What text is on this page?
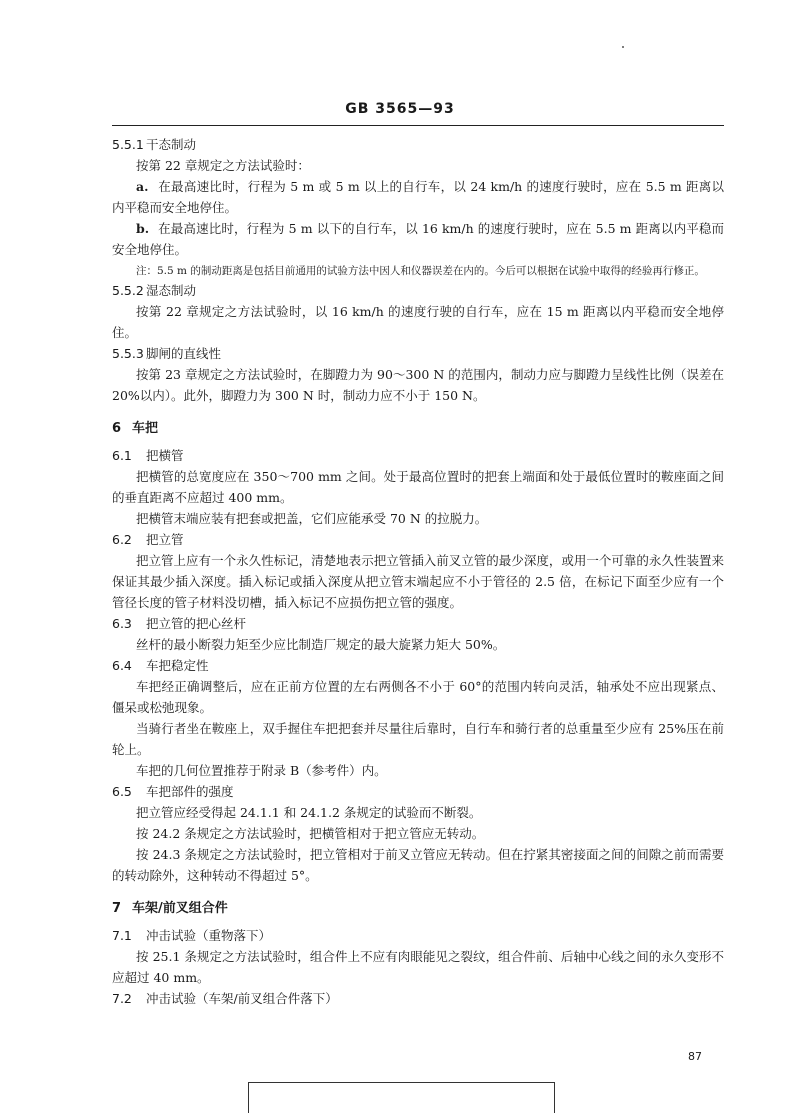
GB 3565—93
5.5.1 干态制动
按第 22 章规定之方法试验时：
a. 在最高速比时，行程为 5 m 或 5 m 以上的自行车，以 24 km/h 的速度行驶时，应在 5.5 m 距离以内平稳而安全地停住。
b. 在最高速比时，行程为 5 m 以下的自行车，以 16 km/h 的速度行驶时，应在 5.5 m 距离以内平稳而安全地停住。
注：5.5 m 的制动距离是包括目前通用的试验方法中因人和仪器误差在内的。今后可以根据在试验中取得的经验再行修正。
5.5.2 湿态制动
按第 22 章规定之方法试验时，以 16 km/h 的速度行驶的自行车，应在 15 m 距离以内平稳而安全地停住。
5.5.3 脚闸的直线性
按第 23 章规定之方法试验时，在脚蹬力为 90～300 N 的范围内，制动力应与脚蹬力呈线性比例（误差在 20%以内）。此外，脚蹬力为 300 N 时，制动力应不小于 150 N。
6 车把
6.1 把横管
把横管的总宽度应在 350～700 mm 之间。处于最高位置时的把套上端面和处于最低位置时的鞍座面之间的垂直距离不应超过 400 mm。
把横管末端应装有把套或把盖，它们应能承受 70 N 的拉脱力。
6.2 把立管
把立管上应有一个永久性标记，清楚地表示把立管插入前叉立管的最少深度，或用一个可靠的永久性装置来保证其最少插入深度。插入标记或插入深度从把立管末端起应不小于管径的 2.5 倍，在标记下面至少应有一个管径长度的管子材料没切槽，插入标记不应损伤把立管的强度。
6.3 把立管的把心丝杆
丝杆的最小断裂力矩至少应比制造厂规定的最大旋紧力矩大 50%。
6.4 车把稳定性
车把经正确调整后，应在正前方位置的左右两侧各不小于 60°的范围内转向灵活，轴承处不应出现紧点、僵呆或松弛现象。
当骑行者坐在鞍座上，双手握住车把把套并尽量往后靠时，自行车和骑行者的总重量至少应有 25%压在前轮上。
车把的几何位置推荐于附录 B（参考件）内。
6.5 车把部件的强度
把立管应经受得起 24.1.1 和 24.1.2 条规定的试验而不断裂。
按 24.2 条规定之方法试验时，把横管相对于把立管应无转动。
按 24.3 条规定之方法试验时，把立管相对于前叉立管应无转动。但在拧紧其密接面之间的间隙之前而需要的转动除外，这种转动不得超过 5°。
7 车架/前叉组合件
7.1 冲击试验（重物落下）
按 25.1 条规定之方法试验时，组合件上不应有肉眼能见之裂纹，组合件前、后轴中心线之间的永久变形不应超过 40 mm。
7.2 冲击试验（车架/前叉组合件落下）
87
